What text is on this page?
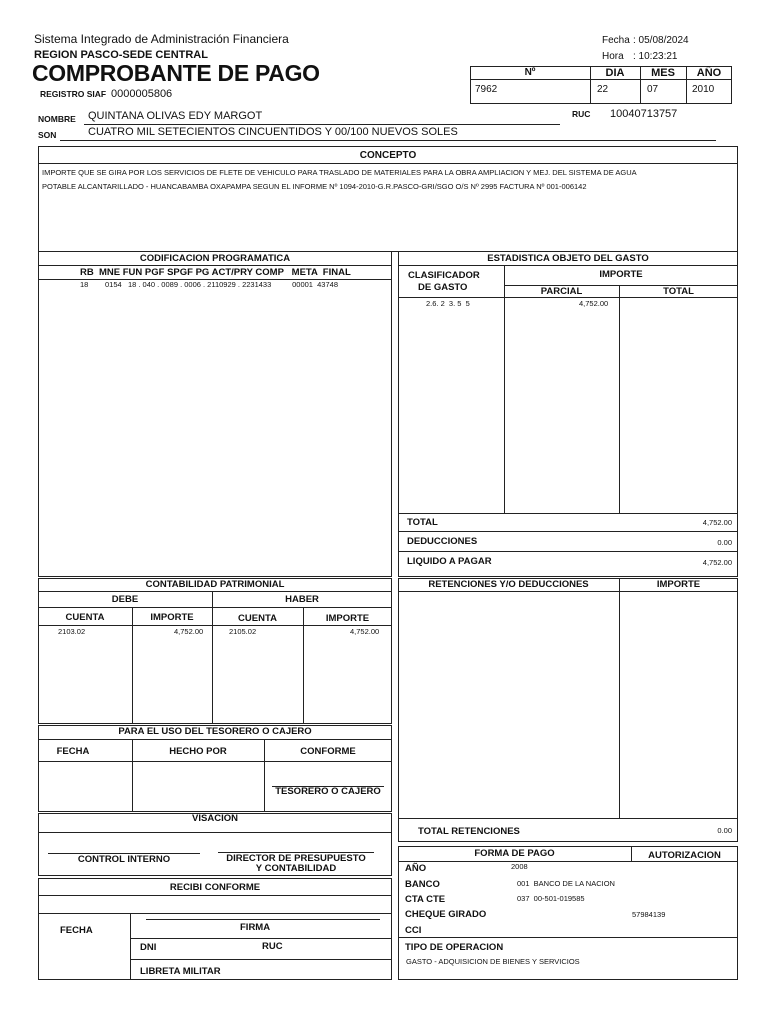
Sistema Integrado de Administración Financiera
REGION PASCO-SEDE CENTRAL
COMPROBANTE DE PAGO
REGISTRO SIAF 0000005806
Fecha : 05/08/2024
Hora : 10:23:21
Nº	DIA	MES	AÑO
7962	22	07	2010
NOMBRE QUINTANA OLIVAS EDY MARGOT	RUC 10040713757
SON	CUATRO MIL SETECIENTOS CINCUENTIDOS Y 00/100 NUEVOS SOLES
CONCEPTO
IMPORTE QUE SE GIRA POR LOS SERVICIOS DE FLETE DE VEHICULO PARA TRASLADO DE MATERIALES PARA LA OBRA AMPLIACION Y MEJ. DEL SISTEMA DE AGUA
POTABLE ALCANTARILLADO - HUANCABAMBA OXAPAMPA SEGUN EL INFORME Nº 1094-2010-G.R.PASCO-GRI/SGO O/S Nº 2995 FACTURA Nº 001-006142
CODIFICACION PROGRAMATICA
RB  MNE FUN PGF SPGF PG ACT/PRY COMP   META  FINAL
18        0154   18 . 040 . 0089 . 0006 . 2110929 . 2231433          00001  43748
ESTADISTICA OBJETO DEL GASTO
CLASIFICADOR
DE GASTO
IMPORTE
PARCIAL	TOTAL
2.6. 2  3. 5  5	4,752.00
TOTAL	4,752.00
DEDUCCIONES	0.00
LIQUIDO A PAGAR	4,752.00
CONTABILIDAD PATRIMONIAL
DEBE	HABER
CUENTA	IMPORTE	CUENTA	IMPORTE
2103.02	4,752.00	2105.02	4,752.00
RETENCIONES Y/O DEDUCCIONES	IMPORTE
TOTAL RETENCIONES	0.00
PARA EL USO DEL TESORERO O CAJERO
FECHA	HECHO POR	CONFORME
TESORERO O CAJERO
VISACION
CONTROL INTERNO	DIRECTOR DE PRESUPUESTO
Y CONTABILIDAD
RECIBI CONFORME
FECHA	FIRMA
DNI	RUC
LIBRETA MILITAR
FORMA DE PAGO	AUTORIZACION
AÑO	2008
BANCO	001  BANCO DE LA NACION
CTA CTE	037  00-501-019585
CHEQUE GIRADO	57984139
CCI
TIPO DE OPERACION
GASTO - ADQUISICION DE BIENES Y SERVICIOS
